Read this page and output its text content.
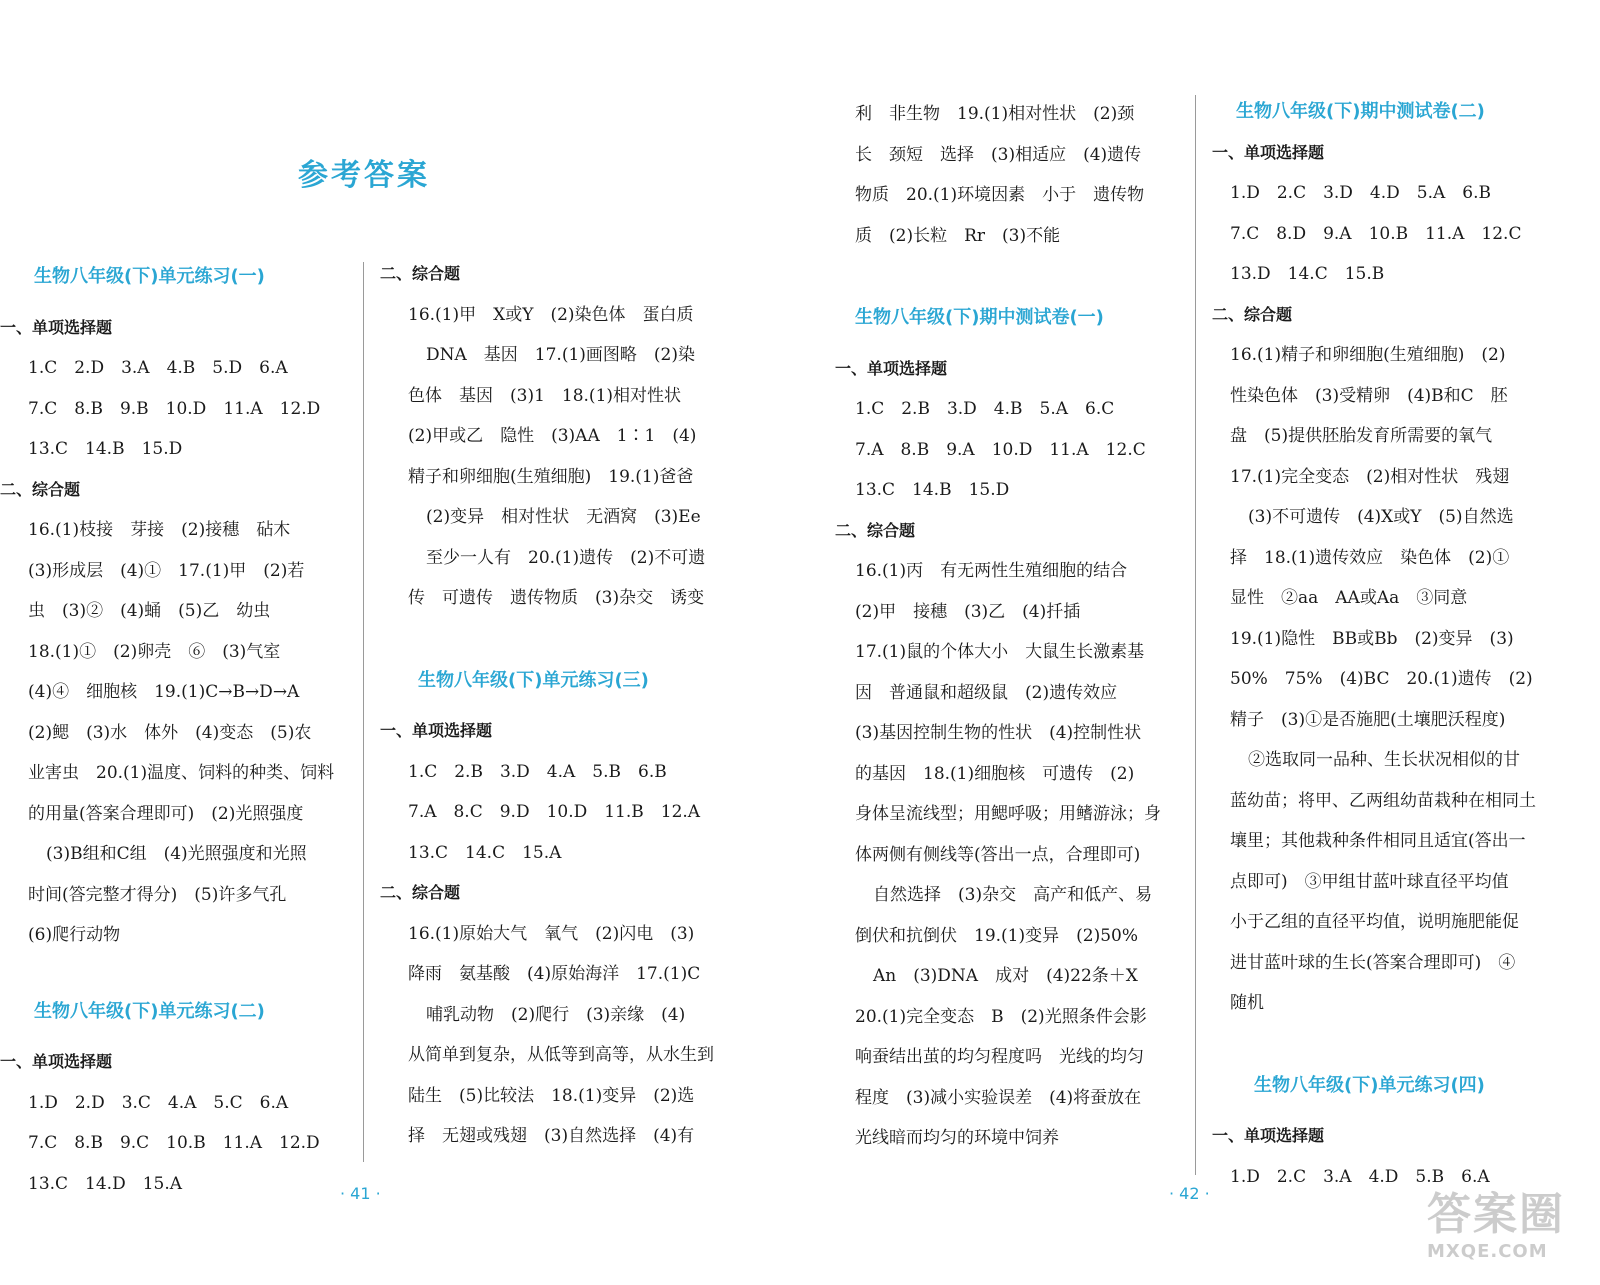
参考答案
生物八年级(下)单元练习(一)
一、单项选择题

1.C　2.D　3.A　4.B　5.D　6.A

7.C　8.B　9.B　10.D　11.A　12.D

13.C　14.B　15.D

二、综合题

16.(1)枝接　芽接　(2)接穗　砧木

(3)形成层　(4)①　17.(1)甲　(2)若

虫　(3)②　(4)蛹　(5)乙　幼虫

18.(1)①　(2)卵壳　⑥　(3)气室

(4)④　细胞核　19.(1)C→B→D→A

(2)鳃　(3)水　体外　(4)变态　(5)农

业害虫　20.(1)温度、饲料的种类、饲料

的用量(答案合理即可)　(2)光照强度

(3)B组和C组　(4)光照强度和光照

时间(答完整才得分)　(5)许多气孔

(6)爬行动物

生物八年级(下)单元练习(二)
一、单项选择题

1.D　2.D　3.C　4.A　5.C　6.A

7.C　8.B　9.C　10.B　11.A　12.D

13.C　14.D　15.A

二、综合题

16.(1)甲　X或Y　(2)染色体　蛋白质

DNA　基因　17.(1)画图略　(2)染

色体　基因　(3)1　18.(1)相对性状

(2)甲或乙　隐性　(3)AA　1∶1　(4)

精子和卵细胞(生殖细胞)　19.(1)爸爸

(2)变异　相对性状　无酒窝　(3)Ee

至少一人有　20.(1)遗传　(2)不可遗

传　可遗传　遗传物质　(3)杂交　诱变

生物八年级(下)单元练习(三)
一、单项选择题

1.C　2.B　3.D　4.A　5.B　6.B

7.A　8.C　9.D　10.D　11.B　12.A

13.C　14.C　15.A

二、综合题

16.(1)原始大气　氧气　(2)闪电　(3)

降雨　氨基酸　(4)原始海洋　17.(1)C

哺乳动物　(2)爬行　(3)亲缘　(4)

从简单到复杂，从低等到高等，从水生到

陆生　(5)比较法　18.(1)变异　(2)选

择　无翅或残翅　(3)自然选择　(4)有

· 41 ·

利　非生物　19.(1)相对性状　(2)颈

长　颈短　选择　(3)相适应　(4)遗传

物质　20.(1)环境因素　小于　遗传物

质　(2)长粒　Rr　(3)不能

生物八年级(下)期中测试卷(一)
一、单项选择题

1.C　2.B　3.D　4.B　5.A　6.C

7.A　8.B　9.A　10.D　11.A　12.C

13.C　14.B　15.D

二、综合题

16.(1)丙　有无两性生殖细胞的结合

(2)甲　接穗　(3)乙　(4)扦插

17.(1)鼠的个体大小　大鼠生长激素基

因　普通鼠和超级鼠　(2)遗传效应

(3)基因控制生物的性状　(4)控制性状

的基因　18.(1)细胞核　可遗传　(2)

身体呈流线型；用鳃呼吸；用鳍游泳；身

体两侧有侧线等(答出一点，合理即可)

自然选择　(3)杂交　高产和低产、易

倒伏和抗倒伏　19.(1)变异　(2)50%

An　(3)DNA　成对　(4)22条＋X

20.(1)完全变态　B　(2)光照条件会影

响蚕结出茧的均匀程度吗　光线的均匀

程度　(3)减小实验误差　(4)将蚕放在

光线暗而均匀的环境中饲养

生物八年级(下)期中测试卷(二)
一、单项选择题

1.D　2.C　3.D　4.D　5.A　6.B

7.C　8.D　9.A　10.B　11.A　12.C

13.D　14.C　15.B

二、综合题

16.(1)精子和卵细胞(生殖细胞)　(2)

性染色体　(3)受精卵　(4)B和C　胚

盘　(5)提供胚胎发育所需要的氧气

17.(1)完全变态　(2)相对性状　残翅

(3)不可遗传　(4)X或Y　(5)自然选

择　18.(1)遗传效应　染色体　(2)①

显性　②aa　AA或Aa　③同意

19.(1)隐性　BB或Bb　(2)变异　(3)

50%　75%　(4)BC　20.(1)遗传　(2)

精子　(3)①是否施肥(土壤肥沃程度)

②选取同一品种、生长状况相似的甘

蓝幼苗；将甲、乙两组幼苗栽种在相同土

壤里；其他栽种条件相同且适宜(答出一

点即可)　③甲组甘蓝叶球直径平均值

小于乙组的直径平均值，说明施肥能促

进甘蓝叶球的生长(答案合理即可)　④

随机

生物八年级(下)单元练习(四)
一、单项选择题

1.D　2.C　3.A　4.D　5.B　6.A

· 42 ·	答案圈
MXQE.COM
